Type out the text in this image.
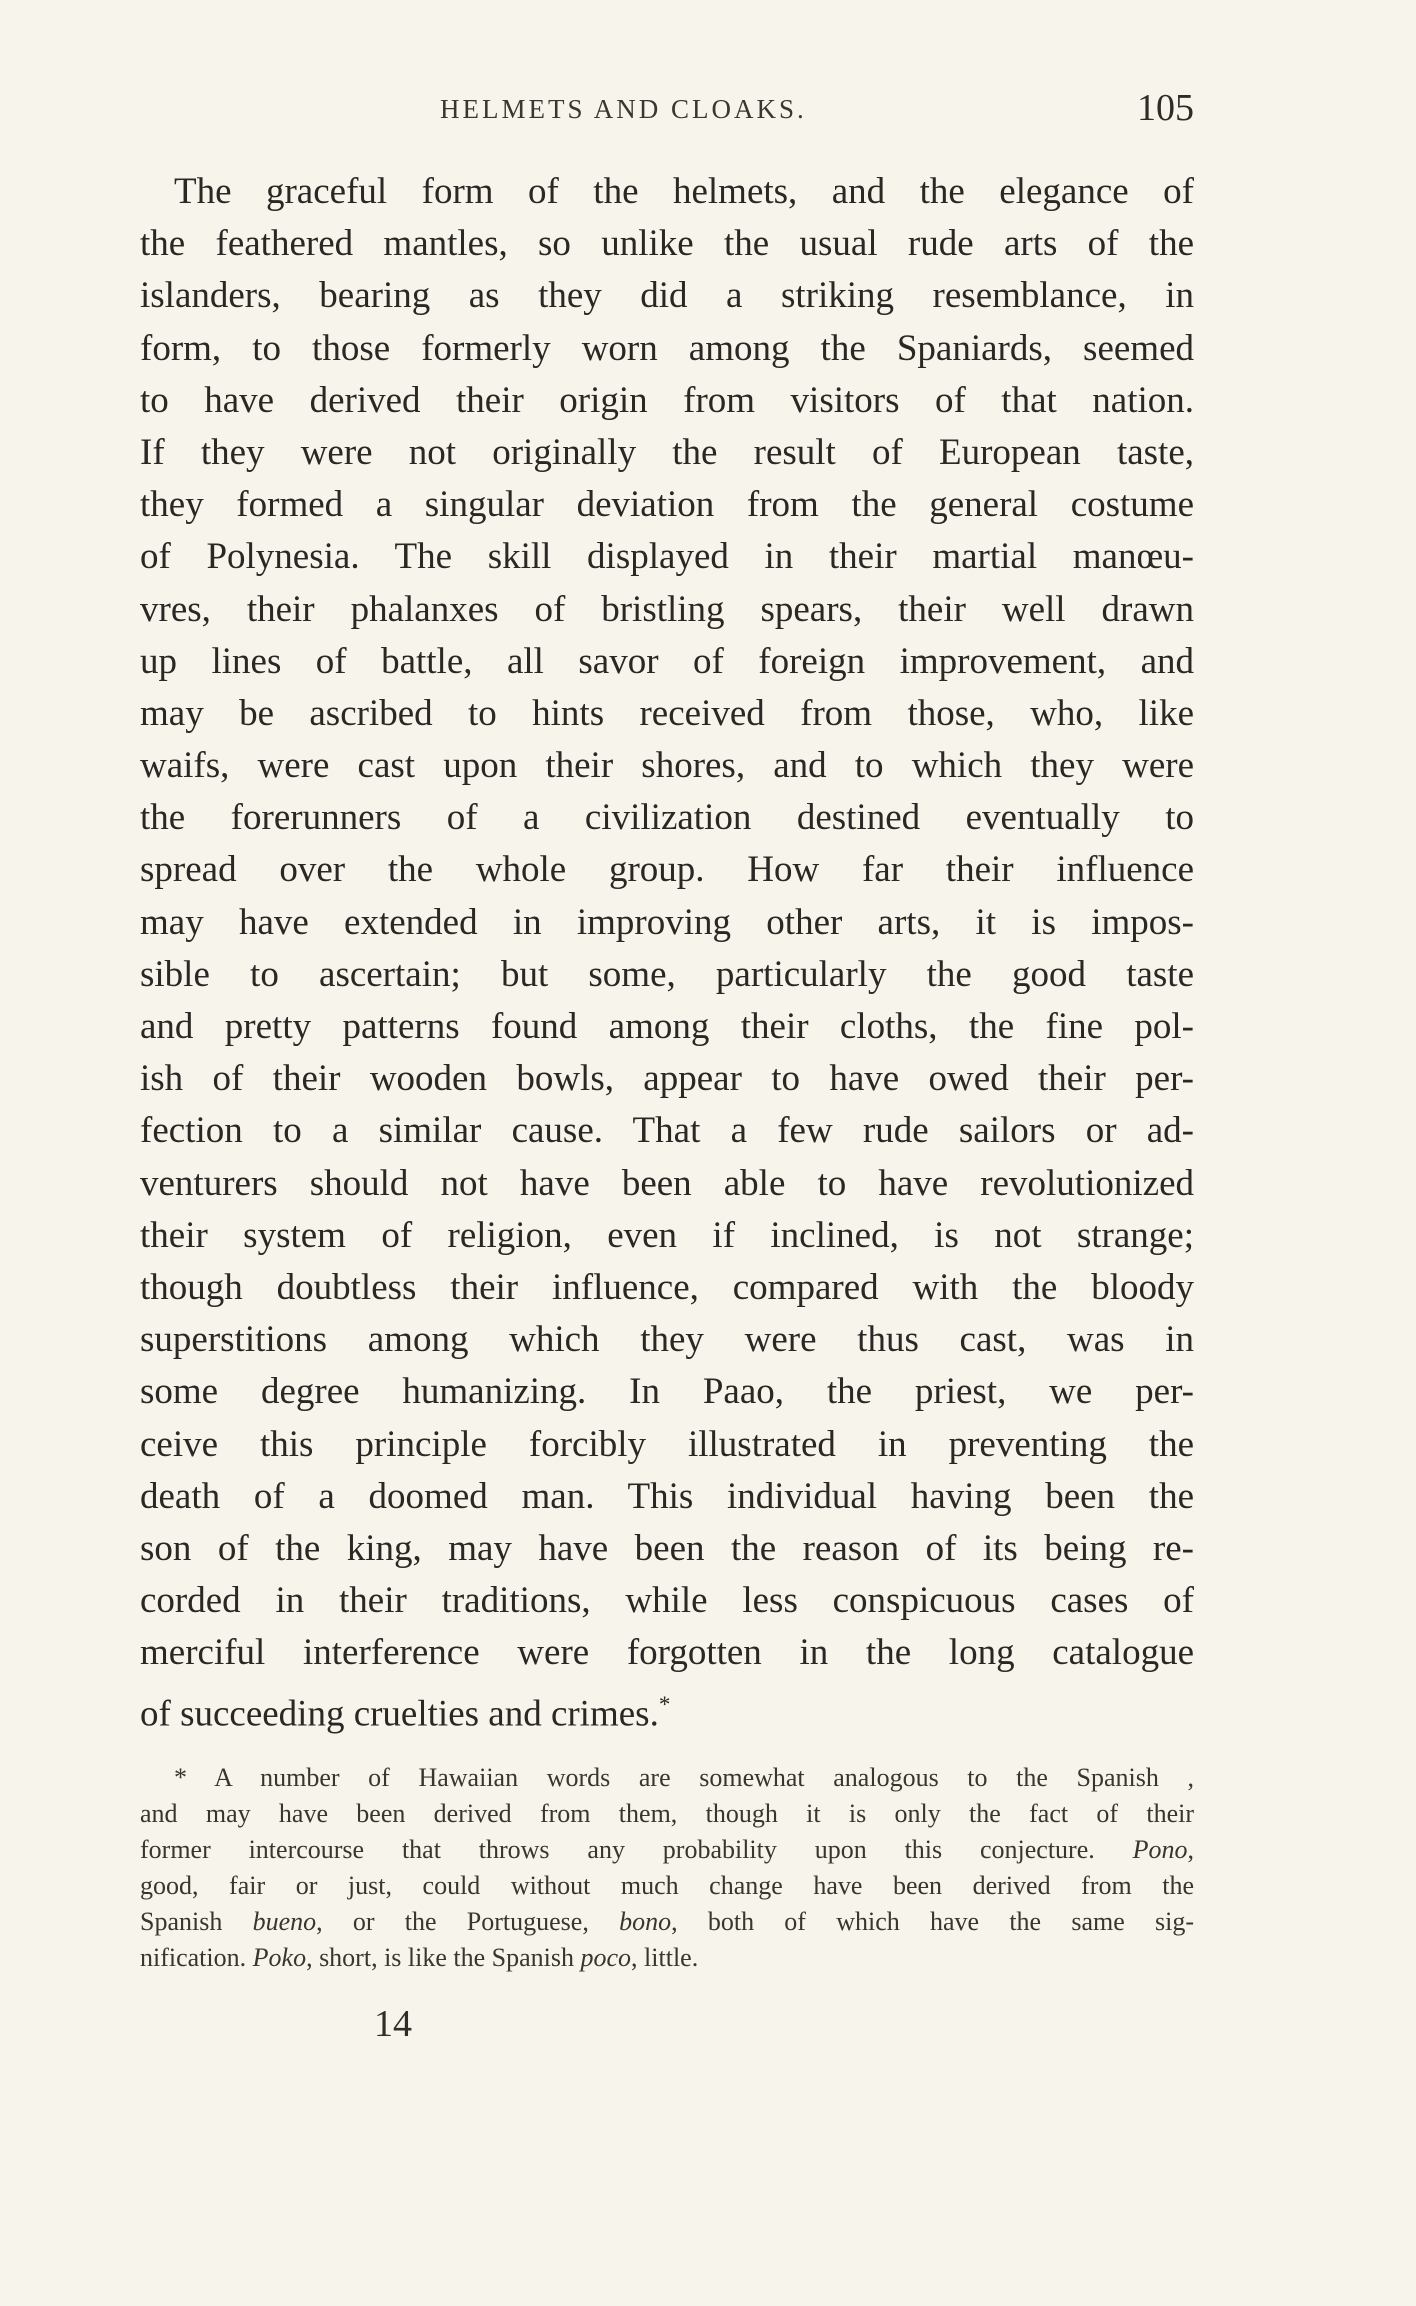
HELMETS AND CLOAKS.	105
The graceful form of the helmets, and the elegance of
the feathered mantles, so unlike the usual rude arts of the
islanders, bearing as they did a striking resemblance, in
form, to those formerly worn among the Spaniards, seemed
to have derived their origin from visitors of that nation.
If they were not originally the result of European taste,
they formed a singular deviation from the general costume
of Polynesia. The skill displayed in their martial manœu-
vres, their phalanxes of bristling spears, their well drawn
up lines of battle, all savor of foreign improvement, and
may be ascribed to hints received from those, who, like
waifs, were cast upon their shores, and to which they were
the forerunners of a civilization destined eventually to
spread over the whole group. How far their influence
may have extended in improving other arts, it is impos-
sible to ascertain; but some, particularly the good taste
and pretty patterns found among their cloths, the fine pol-
ish of their wooden bowls, appear to have owed their per-
fection to a similar cause. That a few rude sailors or ad-
venturers should not have been able to have revolutionized
their system of religion, even if inclined, is not strange;
though doubtless their influence, compared with the bloody
superstitions among which they were thus cast, was in
some degree humanizing. In Paao, the priest, we per-
ceive this principle forcibly illustrated in preventing the
death of a doomed man. This individual having been the
son of the king, may have been the reason of its being re-
corded in their traditions, while less conspicuous cases of
merciful interference were forgotten in the long catalogue
of succeeding cruelties and crimes.*
* A number of Hawaiian words are somewhat analogous to the Spanish ,
and may have been derived from them, though it is only the fact of their
former intercourse that throws any probability upon this conjecture. Pono,
good, fair or just, could without much change have been derived from the
Spanish bueno, or the Portuguese, bono, both of which have the same sig-
nification. Poko, short, is like the Spanish poco, little.
14
